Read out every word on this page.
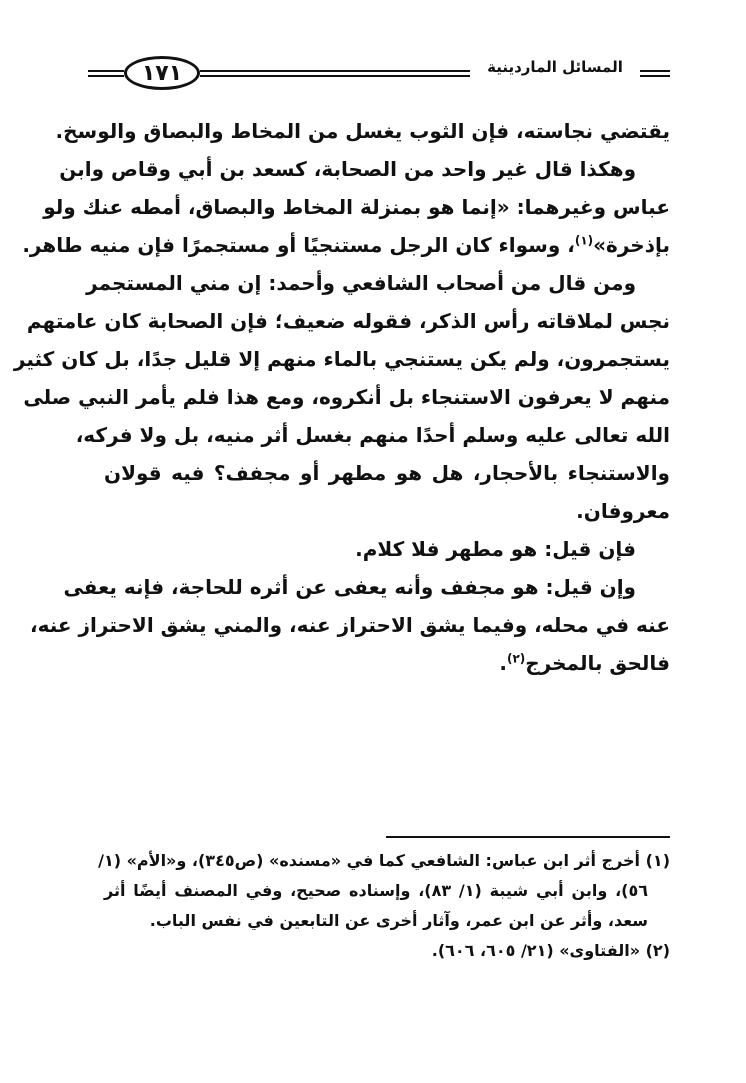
١٧١	المسائل الماردينية
يقتضي نجاسته، فإن الثوب يغسل من المخاط والبصاق والوسخ.
وهكذا قال غير واحد من الصحابة، كسعد بن أبي وقاص وابن
عباس وغيرهما: «إنما هو بمنزلة المخاط والبصاق، أمطه عنك ولو
بإذخرة»$^{(١)}$، وسواء كان الرجل مستنجيًا أو مستجمرًا فإن منيه طاهر.
ومن قال من أصحاب الشافعي وأحمد: إن مني المستجمر
نجس لملاقاته رأس الذكر، فقوله ضعيف؛ فإن الصحابة كان عامتهم
يستجمرون، ولم يكن يستنجي بالماء منهم إلا قليل جدًا، بل كان كثير
منهم لا يعرفون الاستنجاء بل أنكروه، ومع هذا فلم يأمر النبي صلى
الله تعالى عليه وسلم أحدًا منهم بغسل أثر منيه، بل ولا فركه،
والاستنجاء بالأحجار، هل هو مطهر أو مجفف؟ فيه قولان
معروفان.
فإن قيل: هو مطهر فلا كلام.
وإن قيل: هو مجفف وأنه يعفى عن أثره للحاجة، فإنه يعفى
عنه في محله، وفيما يشق الاحتراز عنه، والمني يشق الاحتراز عنه،
فالحق بالمخرج$^{(٢)}$.
(١) أخرج أثر ابن عباس: الشافعي كما في «مسنده» (ص٣٤٥)، و«الأم» (١/
٥٦)، وابن أبي شيبة (١/ ٨٣)، وإسناده صحيح، وفي المصنف أيضًا أثر
سعد، وأثر عن ابن عمر، وآثار أخرى عن التابعين في نفس الباب.
(٢) «الفتاوى» (٢١/ ٦٠٥، ٦٠٦).
